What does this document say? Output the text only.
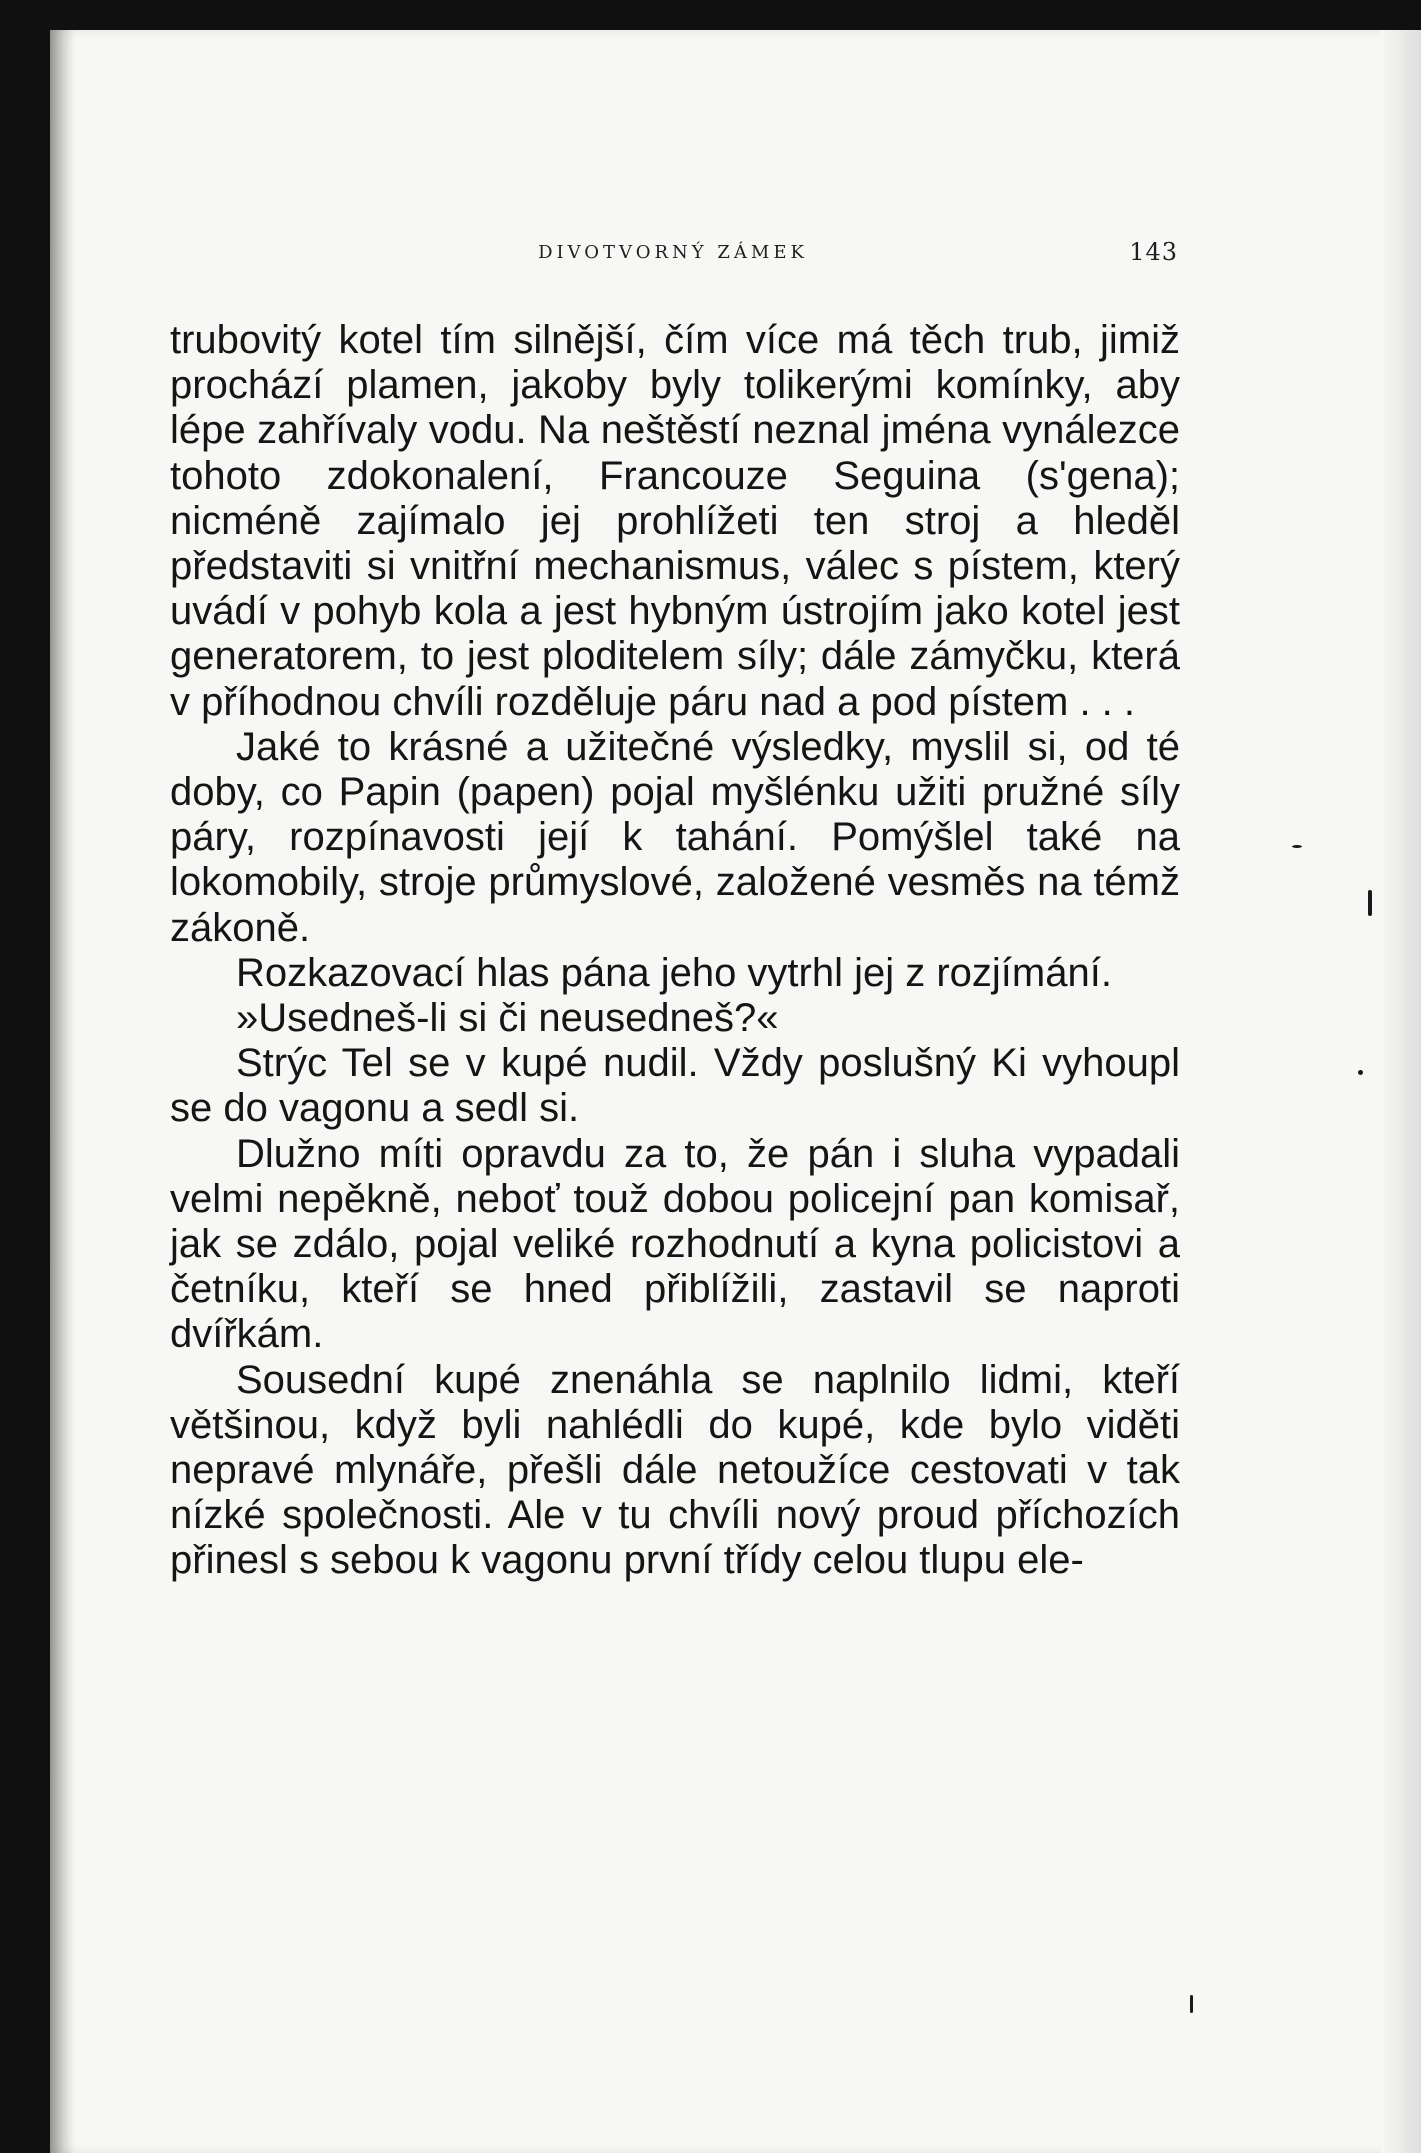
DIVOTVORNÝ ZÁMEK	143

trubovitý kotel tím silnější, čím více má těch trub, jimiž prochází plamen, jakoby byly tolikerými komínky, aby lépe zahřívaly vodu. Na neštěstí neznal jména vynálezce tohoto zdokonalení, Francouze Seguina (s'gena); nicméně zajímalo jej prohlížeti ten stroj a hleděl představiti si vnitřní mechanismus, válec s pístem, který uvádí v pohyb kola a jest hybným ústrojím jako kotel jest generatorem, to jest ploditelem síly; dále zámyčku, která v příhodnou chvíli rozděluje páru nad a pod pístem . . .

Jaké to krásné a užitečné výsledky, myslil si, od té doby, co Papin (papen) pojal myšlénku užiti pružné síly páry, rozpínavosti její k tahání. Pomýšlel také na lokomobily, stroje průmyslové, založené vesměs na témž zákoně.

Rozkazovací hlas pána jeho vytrhl jej z rozjímání.

»Usedneš-li si či neusedneš?«

Strýc Tel se v kupé nudil. Vždy poslušný Ki vyhoupl se do vagonu a sedl si.

Dlužno míti opravdu za to, že pán i sluha vypadali velmi nepěkně, neboť touž dobou policejní pan komisař, jak se zdálo, pojal veliké rozhodnutí a kyna policistovi a četníku, kteří se hned přiblížili, zastavil se naproti dvířkám.

Sousední kupé znenáhla se naplnilo lidmi, kteří většinou, když byli nahlédli do kupé, kde bylo viděti nepravé mlynáře, přešli dále netoužíce cestovati v tak nízké společnosti. Ale v tu chvíli nový proud příchozích přinesl s sebou k vagonu první třídy celou tlupu ele-
